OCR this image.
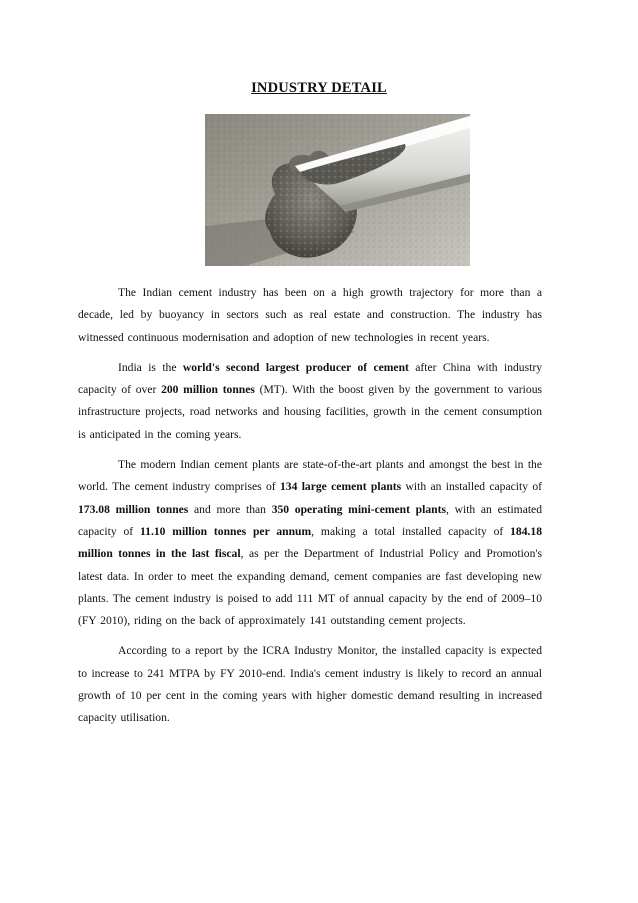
INDUSTRY DETAIL

The Indian cement industry has been on a high growth trajectory for more than a decade, led by buoyancy in sectors such as real estate and construction. The industry has witnessed continuous modernisation and adoption of new technologies in recent years.

India is the world's second largest producer of cement after China with industry capacity of over 200 million tonnes (MT). With the boost given by the government to various infrastructure projects, road networks and housing facilities, growth in the cement consumption is anticipated in the coming years.

The modern Indian cement plants are state-of-the-art plants and amongst the best in the world. The cement industry comprises of 134 large cement plants with an installed capacity of 173.08 million tonnes and more than 350 operating mini-cement plants, with an estimated capacity of 11.10 million tonnes per annum, making a total installed capacity of 184.18 million tonnes in the last fiscal, as per the Department of Industrial Policy and Promotion's latest data. In order to meet the expanding demand, cement companies are fast developing new plants. The cement industry is poised to add 111 MT of annual capacity by the end of 2009–10 (FY 2010), riding on the back of approximately 141 outstanding cement projects.

According to a report by the ICRA Industry Monitor, the installed capacity is expected to increase to 241 MTPA by FY 2010-end. India's cement industry is likely to record an annual growth of 10 per cent in the coming years with higher domestic demand resulting in increased capacity utilisation.
